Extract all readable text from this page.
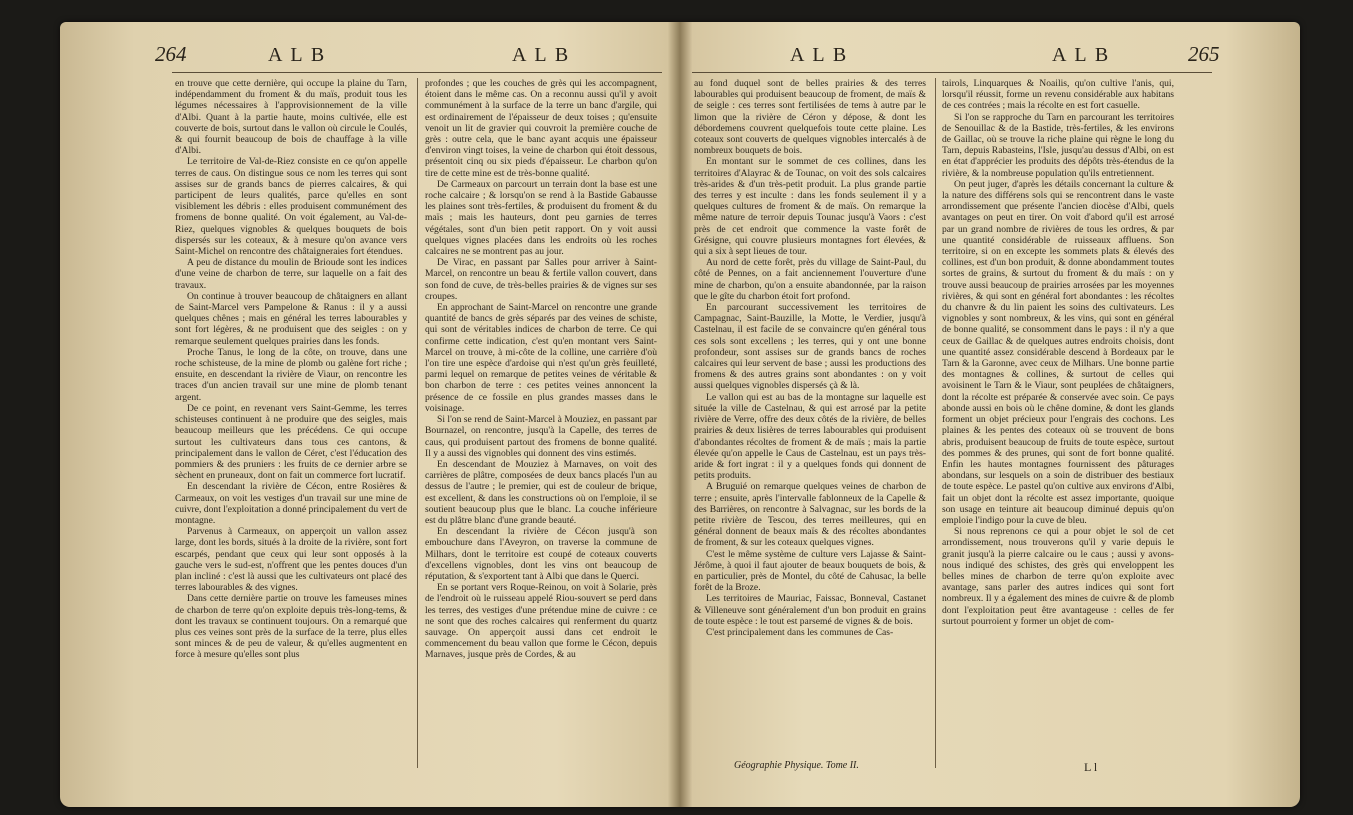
264	A L B	A L B

en trouve que cette dernière, qui occupe la plaine du Tarn, indépendamment du froment & du maïs, produit tous les légumes nécessaires à l'approvisionnement de la ville d'Albi. Quant à la partie haute, moins cultivée, elle est couverte de bois, surtout dans le vallon où circule le Coulés, & qui fournit beaucoup de bois de chauffage à la ville d'Albi.

Le territoire de Val-de-Riez consiste en ce qu'on appelle terres de caus. On distingue sous ce nom les terres qui sont assises sur de grands bancs de pierres calcaires, & qui participent de leurs qualités, parce qu'elles en sont visiblement les débris : elles produisent communément des fromens de bonne qualité. On voit également, au Val-de-Riez, quelques vignobles & quelques bouquets de bois dispersés sur les coteaux, & à mesure qu'on avance vers Saint-Michel on rencontre des châtaigneraies fort étendues.

A peu de distance du moulin de Brioude sont les indices d'une veine de charbon de terre, sur laquelle on a fait des travaux.

On continue à trouver beaucoup de châtaigners en allant de Saint-Marcel vers Pampelone & Ranus : il y a aussi quelques chênes ; mais en général les terres labourables y sont fort légères, & ne produisent que des seigles : on y remarque seulement quelques prairies dans les fonds.

Proche Tanus, le long de la côte, on trouve, dans une roche schisteuse, de la mine de plomb ou galène fort riche ; ensuite, en descendant la rivière de Viaur, on rencontre les traces d'un ancien travail sur une mine de plomb tenant argent.

De ce point, en revenant vers Saint-Gemme, les terres schisteuses continuent à ne produire que des seigles, mais beaucoup meilleurs que les précédens. Ce qui occupe surtout les cultivateurs dans tous ces cantons, & principalement dans le vallon de Céret, c'est l'éducation des pommiers & des pruniers : les fruits de ce dernier arbre se sèchent en pruneaux, dont on fait un commerce fort lucratif.

En descendant la rivière de Cécon, entre Rosières & Carmeaux, on voit les vestiges d'un travail sur une mine de cuivre, dont l'exploitation a donné principalement du vert de montagne.

Parvenus à Carmeaux, on apperçoit un vallon assez large, dont les bords, situés à la droite de la rivière, sont fort escarpés, pendant que ceux qui leur sont opposés à la gauche vers le sud-est, n'offrent que les pentes douces d'un plan incliné : c'est là aussi que les cultivateurs ont placé des terres labourables & des vignes.

Dans cette dernière partie on trouve les fameuses mines de charbon de terre qu'on exploite depuis très-long-tems, & dont les travaux se continuent toujours. On a remarqué que plus ces veines sont près de la surface de la terre, plus elles sont minces & de peu de valeur, & qu'elles augmentent en force à mesure qu'elles sont plus

profondes ; que les couches de grès qui les accompagnent, étoient dans le même cas. On a reconnu aussi qu'il y avoit communément à la surface de la terre un banc d'argile, qui est ordinairement de l'épaisseur de deux toises ; qu'ensuite venoit un lit de gravier qui couvroit la première couche de grès : outre cela, que le banc ayant acquis une épaisseur d'environ vingt toises, la veine de charbon qui étoit dessous, présentoit cinq ou six pieds d'épaisseur. Le charbon qu'on tire de cette mine est de très-bonne qualité.

De Carmeaux on parcourt un terrain dont la base est une roche calcaire ; & lorsqu'on se rend à la Bastide Gabausse les plaines sont très-fertiles, & produisent du froment & du maïs ; mais les hauteurs, dont peu garnies de terres végétales, sont d'un bien petit rapport. On y voit aussi quelques vignes placées dans les endroits où les roches calcaires ne se montrent pas au jour.

De Virac, en passant par Salles pour arriver à Saint-Marcel, on rencontre un beau & fertile vallon couvert, dans son fond de cuve, de très-belles prairies & de vignes sur ses croupes.

En approchant de Saint-Marcel on rencontre une grande quantité de bancs de grès séparés par des veines de schiste, qui sont de véritables indices de charbon de terre. Ce qui confirme cette indication, c'est qu'en montant vers Saint-Marcel on trouve, à mi-côte de la colline, une carrière d'où l'on tire une espèce d'ardoise qui n'est qu'un grès feuilleté, parmi lequel on remarque de petites veines de véritable & bon charbon de terre : ces petites veines annoncent la présence de ce fossile en plus grandes masses dans le voisinage.

Si l'on se rend de Saint-Marcel à Mouziez, en passant par Bournazel, on rencontre, jusqu'à la Capelle, des terres de caus, qui produisent partout des fromens de bonne qualité. Il y a aussi des vignobles qui donnent des vins estimés.

En descendant de Mouziez à Marnaves, on voit des carrières de plâtre, composées de deux bancs placés l'un au dessus de l'autre ; le premier, qui est de couleur de brique, est excellent, & dans les constructions où on l'emploie, il se soutient beaucoup plus que le blanc. La couche inférieure est du plâtre blanc d'une grande beauté.

En descendant la rivière de Cécon jusqu'à son embouchure dans l'Aveyron, on traverse la commune de Milhars, dont le territoire est coupé de coteaux couverts d'excellens vignobles, dont les vins ont beaucoup de réputation, & s'exportent tant à Albi que dans le Querci.

En se portant vers Roque-Reinou, on voit à Solarie, près de l'endroit où le ruisseau appelé Riou-souvert se perd dans les terres, des vestiges d'une prétendue mine de cuivre : ce ne sont que des roches calcaires qui renferment du quartz sauvage. On apperçoit aussi dans cet endroit le commencement du beau vallon que forme le Cécon, depuis Marnaves, jusque près de Cordes, & au

A L B	A L B	265

au fond duquel sont de belles prairies & des terres labourables qui produisent beaucoup de froment, de maïs & de seigle : ces terres sont fertilisées de tems à autre par le limon que la rivière de Céron y dépose, & dont les débordemens couvrent quelquefois toute cette plaine. Les coteaux sont couverts de quelques vignobles intercalés à de nombreux bouquets de bois.

En montant sur le sommet de ces collines, dans les territoires d'Alayrac & de Tounac, on voit des sols calcaires très-arides & d'un très-petit produit. La plus grande partie des terres y est inculte : dans les fonds seulement il y a quelques cultures de froment & de maïs. On remarque la même nature de terroir depuis Tounac jusqu'à Vaors : c'est près de cet endroit que commence la vaste forêt de Grésigne, qui couvre plusieurs montagnes fort élevées, & qui a six à sept lieues de tour.

Au nord de cette forêt, près du village de Saint-Paul, du côté de Pennes, on a fait anciennement l'ouverture d'une mine de charbon, qu'on a ensuite abandonnée, par la raison que le gîte du charbon étoit fort profond.

En parcourant successivement les territoires de Campagnac, Saint-Bauzille, la Motte, le Verdier, jusqu'à Castelnau, il est facile de se convaincre qu'en général tous ces sols sont excellens ; les terres, qui y ont une bonne profondeur, sont assises sur de grands bancs de roches calcaires qui leur servent de base ; aussi les productions des fromens & des autres grains sont abondantes : on y voit aussi quelques vignobles dispersés çà & là.

Le vallon qui est au bas de la montagne sur laquelle est située la ville de Castelnau, & qui est arrosé par la petite rivière de Verre, offre des deux côtés de la rivière, de belles prairies & deux lisières de terres labourables qui produisent d'abondantes récoltes de froment & de maïs ; mais la partie élevée qu'on appelle le Caus de Castelnau, est un pays très-aride & fort ingrat : il y a quelques fonds qui donnent de petits produits.

A Bruguié on remarque quelques veines de charbon de terre ; ensuite, après l'intervalle fablonneux de la Capelle & des Barrières, on rencontre à Salvagnac, sur les bords de la petite rivière de Tescou, des terres meilleures, qui en général donnent de beaux maïs & des récoltes abondantes de froment, & sur les coteaux quelques vignes.

C'est le même système de culture vers Lajasse & Saint-Jérôme, à quoi il faut ajouter de beaux bouquets de bois, & en particulier, près de Montel, du côté de Cahusac, la belle forêt de la Broze.

Les territoires de Mauriac, Faissac, Bonneval, Castanet & Villeneuve sont généralement d'un bon produit en grains de toute espèce : le tout est parsemé de vignes & de bois.

C'est principalement dans les communes de Cas-

tairols, Linquarques & Noailis, qu'on cultive l'anis, qui, lorsqu'il réussit, forme un revenu considérable aux habitans de ces contrées ; mais la récolte en est fort casuelle.

Si l'on se rapproche du Tarn en parcourant les territoires de Senouillac & de la Bastide, très-fertiles, & les environs de Gaillac, où se trouve la riche plaine qui règne le long du Tarn, depuis Rabasteins, l'Isle, jusqu'au dessus d'Albi, on est en état d'apprécier les produits des dépôts très-étendus de la rivière, & la nombreuse population qu'ils entretiennent.

On peut juger, d'après les détails concernant la culture & la nature des différens sols qui se rencontrent dans le vaste arrondissement que présente l'ancien diocèse d'Albi, quels avantages on peut en tirer. On voit d'abord qu'il est arrosé par un grand nombre de rivières de tous les ordres, & par une quantité considérable de ruisseaux affluens. Son territoire, si on en excepte les sommets plats & élevés des collines, est d'un bon produit, & donne abondamment toutes sortes de grains, & surtout du froment & du maïs : on y trouve aussi beaucoup de prairies arrosées par les moyennes rivières, & qui sont en général fort abondantes : les récoltes du chanvre & du lin paient les soins des cultivateurs. Les vignobles y sont nombreux, & les vins, qui sont en général de bonne qualité, se consomment dans le pays : il n'y a que ceux de Gaillac & de quelques autres endroits choisis, dont une quantité assez considérable descend à Bordeaux par le Tarn & la Garonne, avec ceux de Milhars. Une bonne partie des montagnes & collines, & surtout de celles qui avoisinent le Tarn & le Viaur, sont peuplées de châtaigners, dont la récolte est préparée & conservée avec soin. Ce pays abonde aussi en bois où le chêne domine, & dont les glands forment un objet précieux pour l'engrais des cochons. Les plaines & les pentes des coteaux où se trouvent de bons abris, produisent beaucoup de fruits de toute espèce, surtout des pommes & des prunes, qui sont de fort bonne qualité. Enfin les hautes montagnes fournissent des pâturages abondans, sur lesquels on a soin de distribuer des bestiaux de toute espèce. Le pastel qu'on cultive aux environs d'Albi, fait un objet dont la récolte est assez importante, quoique son usage en teinture ait beaucoup diminué depuis qu'on emploie l'indigo pour la cuve de bleu.

Si nous reprenons ce qui a pour objet le sol de cet arrondissement, nous trouverons qu'il y varie depuis le granit jusqu'à la pierre calcaire ou le caus ; aussi y avons-nous indiqué des schistes, des grès qui enveloppent les belles mines de charbon de terre qu'on exploite avec avantage, sans parler des autres indices qui sont fort nombreux. Il y a également des mines de cuivre & de plomb dont l'exploitation peut être avantageuse : celles de fer surtout pourroient y former un objet de com-

Géographie Physique. Tome II.	L l
